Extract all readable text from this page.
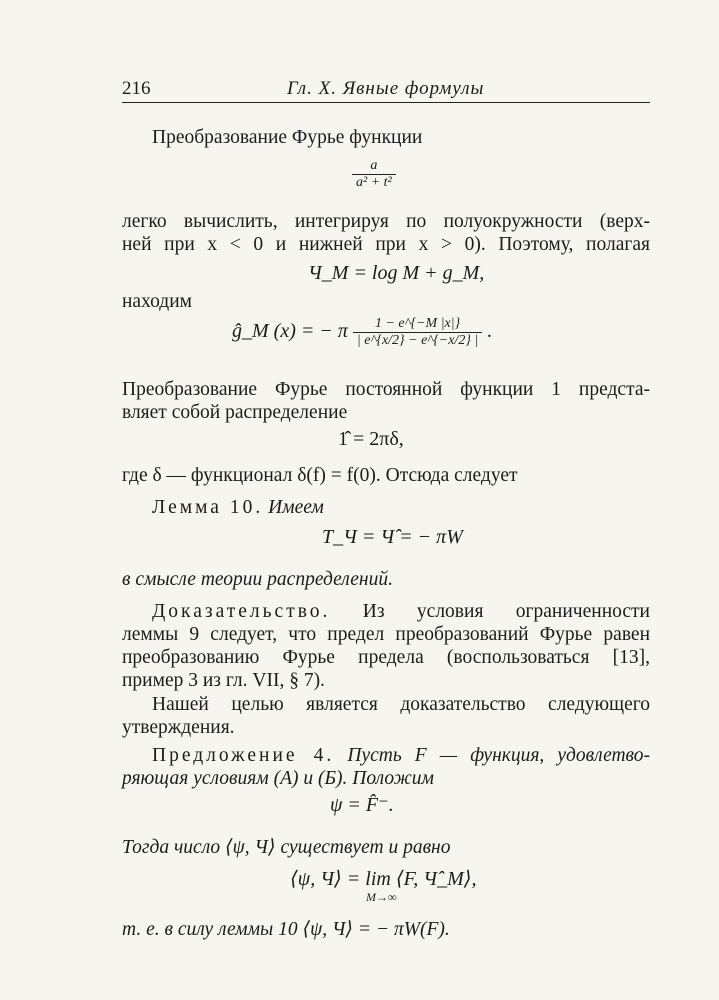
216	Гл. X. Явные формулы
Преобразование Фурье функции
$\frac{a}{\text{a² + t²}}$
легко вычислить, интегрируя по полуокружности (верх-
ней при x < 0 и нижней при x > 0). Поэтому, полагая
Ч_M = log M + g_M,
находим
ĝ_M (x) = − π $\frac{1 - e\^{}\{-M |x|\}}{| e\^{}\{x/2\} - e\^{}\{-x/2\} |}$ .
Преобразование Фурье постоянной функции 1 предста-
вляет собой распределение
1̂ = 2πδ,
где δ — функционал δ(f) = f(0). Отсюда следует
Лемма 10. Имеем
T_Ч = Ч̂ = − πW
в смысле теории распределений.
Доказательство. Из условия ограниченности
леммы 9 следует, что предел преобразований Фурье равен
преобразованию Фурье предела (воспользоваться [13],
пример 3 из гл. VII, § 7).
Нашей целью является доказательство следующего
утверждения.
Предложение 4. Пусть F — функция, удовлетво-
ряющая условиям (А) и (Б). Положим
ψ = F̂⁻.
Тогда число ⟨ψ, Ч⟩ существует и равно
⟨ψ, Ч⟩ = lim ⟨F, Ч̂_M⟩,
M→∞
т. е. в силу леммы 10 ⟨ψ, Ч⟩ = − πW(F).
